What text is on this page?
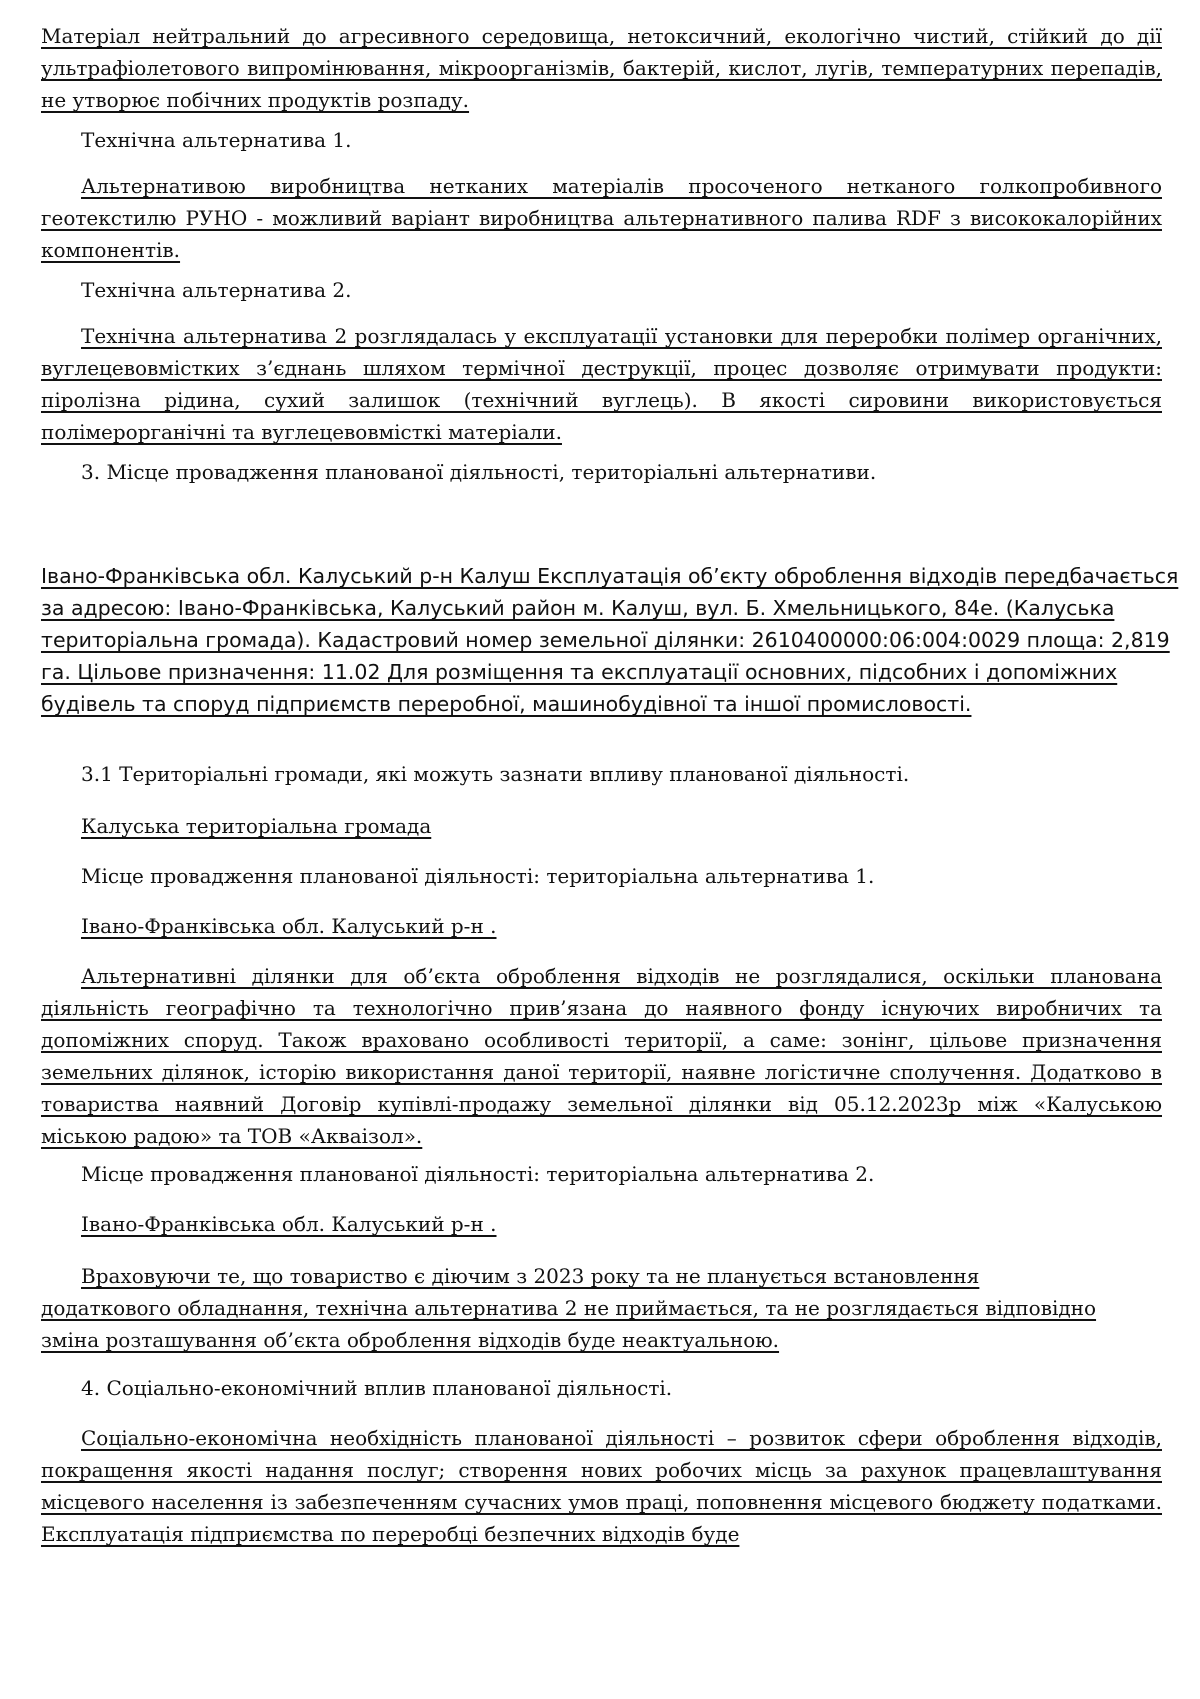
Матеріал нейтральний до агресивного середовища, нетоксичний, екологічно чистий, стійкий до дії ультрафіолетового випромінювання, мікроорганізмів, бактерій, кислот, лугів, температурних перепадів, не утворює побічних продуктів розпаду.

Технічна альтернатива 1.

Альтернативою виробництва нетканих матеріалів просоченого нетканого голкопробивного геотекстилю РУНО - можливий варіант виробництва альтернативного палива RDF з висококалорійних компонентів.

Технічна альтернатива 2.

Технічна альтернатива 2 розглядалась у експлуатації установки для переробки полімер органічних, вуглецевовмістких з’єднань шляхом термічної деструкції, процес дозволяє отримувати продукти: піролізна рідина, сухий залишок (технічний вуглець). В якості сировини використовується полімерорганічні та вуглецевовмісткі матеріали.

3. Місце провадження планованої діяльності, територіальні альтернативи.

Івано-Франківська обл. Калуський р-н Калуш Експлуатація об’єкту оброблення відходів передбачається за адресою: Івано-Франківська, Калуський район м. Калуш, вул. Б. Хмельницького, 84е. (Калуська територіальна громада). Кадастровий номер земельної ділянки: 2610400000:06:004:0029 площа: 2,819 га. Цільове призначення: 11.02 Для розміщення та експлуатації основних, підсобних і допоміжних будівель та споруд підприємств переробної, машинобудівної та іншої промисловості.

3.1 Територіальні громади, які можуть зазнати впливу планованої діяльності.

Калуська територіальна громада

Місце провадження планованої діяльності: територіальна альтернатива 1.

Івано-Франківська обл. Калуський р-н .

Альтернативні ділянки для об’єкта оброблення відходів не розглядалися, оскільки планована діяльність географічно та технологічно прив’язана до наявного фонду існуючих виробничих та допоміжних споруд. Також враховано особливості території, а саме: зонінг, цільове призначення земельних ділянок, історію використання даної території, наявне логістичне сполучення. Додатково в товариства наявний Договір купівлі-продажу земельної ділянки від 05.12.2023р між «Калуською міською радою» та ТОВ «Акваізол».

Місце провадження планованої діяльності: територіальна альтернатива 2.

Івано-Франківська обл. Калуський р-н .

Враховуючи те, що товариство є діючим з 2023 року та не планується встановлення додаткового обладнання, технічна альтернатива 2 не приймається, та не розглядається відповідно зміна розташування об’єкта оброблення відходів буде неактуальною.

4. Соціально-економічний вплив планованої діяльності.

Соціально-економічна необхідність планованої діяльності – розвиток сфери оброблення відходів, покращення якості надання послуг; створення нових робочих місць за рахунок працевлаштування місцевого населення із забезпеченням сучасних умов праці, поповнення місцевого бюджету податками. Експлуатація підприємства по переробці безпечних відходів буде
